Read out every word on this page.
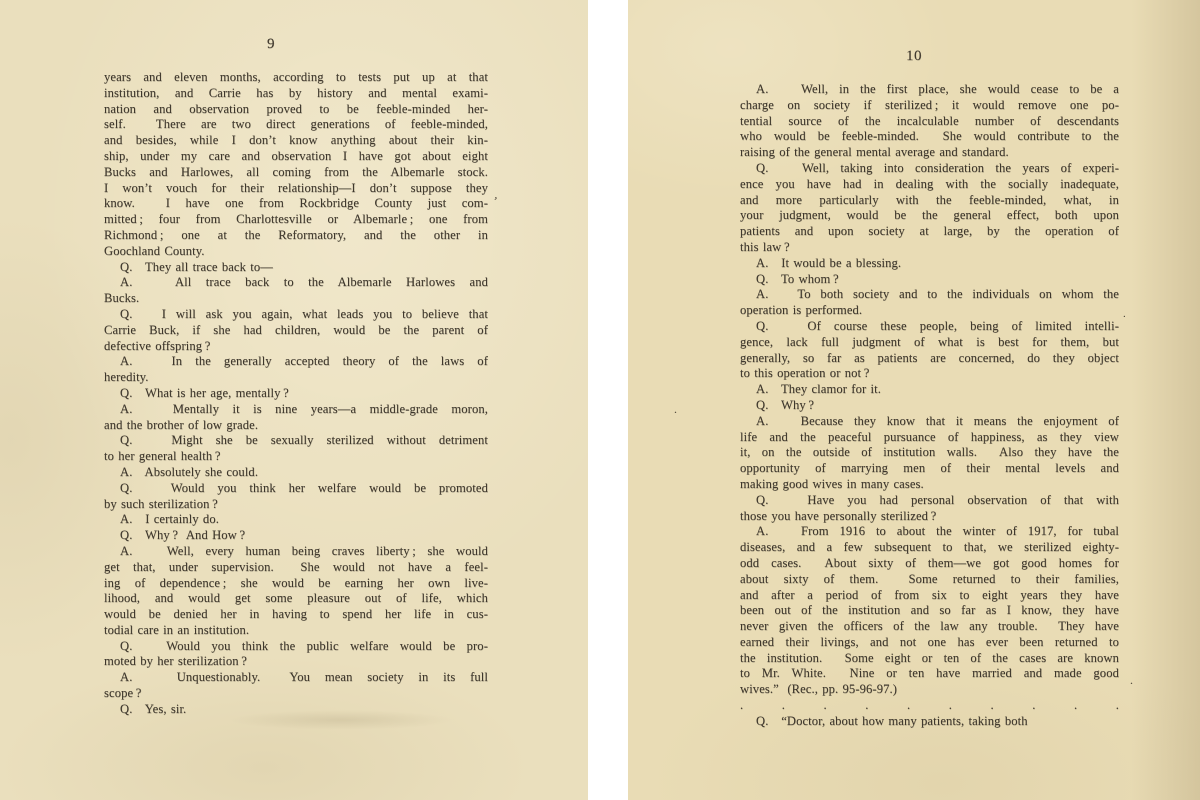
9
years and eleven months, according to tests put up at that
institution, and Carrie has by history and mental exami-
nation and observation proved to be feeble-minded her-
self.  There are two direct generations of feeble-minded,
and besides, while I don’t know anything about their kin-
ship, under my care and observation I have got about eight
Bucks and Harlowes, all coming from the Albemarle stock.
I won’t vouch for their relationship—I don’t suppose they
know.  I have one from Rockbridge County just com-
mitted ; four from Charlottesville or Albemarle ; one from
Richmond ; one at the Reformatory, and the other in
Goochland County.
Q.   They all trace back to—
A.   All trace back to the Albemarle Harlowes and
Bucks.
Q.   I will ask you again, what leads you to believe that
Carrie Buck, if she had children, would be the parent of
defective offspring ?
A.   In the generally accepted theory of the laws of
heredity.
Q.   What is her age, mentally ?
A.   Mentally it is nine years—a middle-grade moron,
and the brother of low grade.
Q.   Might she be sexually sterilized without detriment
to her general health ?
A.   Absolutely she could.
Q.   Would you think her welfare would be promoted
by such sterilization ?
A.   I certainly do.
Q.   Why ?  And How ?
A.   Well, every human being craves liberty ; she would
get that, under supervision.  She would not have a feel-
ing of dependence ; she would be earning her own live-
lihood, and would get some pleasure out of life, which
would be denied her in having to spend her life in cus-
todial care in an institution.
Q.   Would you think the public welfare would be pro-
moted by her sterilization ?
A.   Unquestionably.  You mean society in its full
scope ?
Q.   Yes, sir.
10
A.   Well, in the first place, she would cease to be a
charge on society if sterilized ; it would remove one po-
tential source of the incalculable number of descendants
who would be feeble-minded.  She would contribute to the
raising of the general mental average and standard.
Q.   Well, taking into consideration the years of experi-
ence you have had in dealing with the socially inadequate,
and more particularly with the feeble-minded, what, in
your judgment, would be the general effect, both upon
patients and upon society at large, by the operation of
this law ?
A.   It would be a blessing.
Q.   To whom ?
A.   To both society and to the individuals on whom the
operation is performed.
Q.   Of course these people, being of limited intelli-
gence, lack full judgment of what is best for them, but
generally, so far as patients are concerned, do they object
to this operation or not ?
A.   They clamor for it.
Q.   Why ?
A.   Because they know that it means the enjoyment of
life and the peaceful pursuance of happiness, as they view
it, on the outside of institution walls.  Also they have the
opportunity of marrying men of their mental levels and
making good wives in many cases.
Q.   Have you had personal observation of that with
those you have personally sterilized ?
A.   From 1916 to about the winter of 1917, for tubal
diseases, and a few subsequent to that, we sterilized eighty-
odd cases.  About sixty of them—we got good homes for
about sixty of them.  Some returned to their families,
and after a period of from six to eight years they have
been out of the institution and so far as I know, they have
never given the officers of the law any trouble.  They have
earned their livings, and not one has ever been returned to
the institution.  Some eight or ten of the cases are known
to Mr. White.  Nine or ten have married and made good
wives.”  (Rec., pp. 95-96-97.)
. . . . . . . . . .
Q.   “Doctor, about how many patients, taking both
’
.
.
.
